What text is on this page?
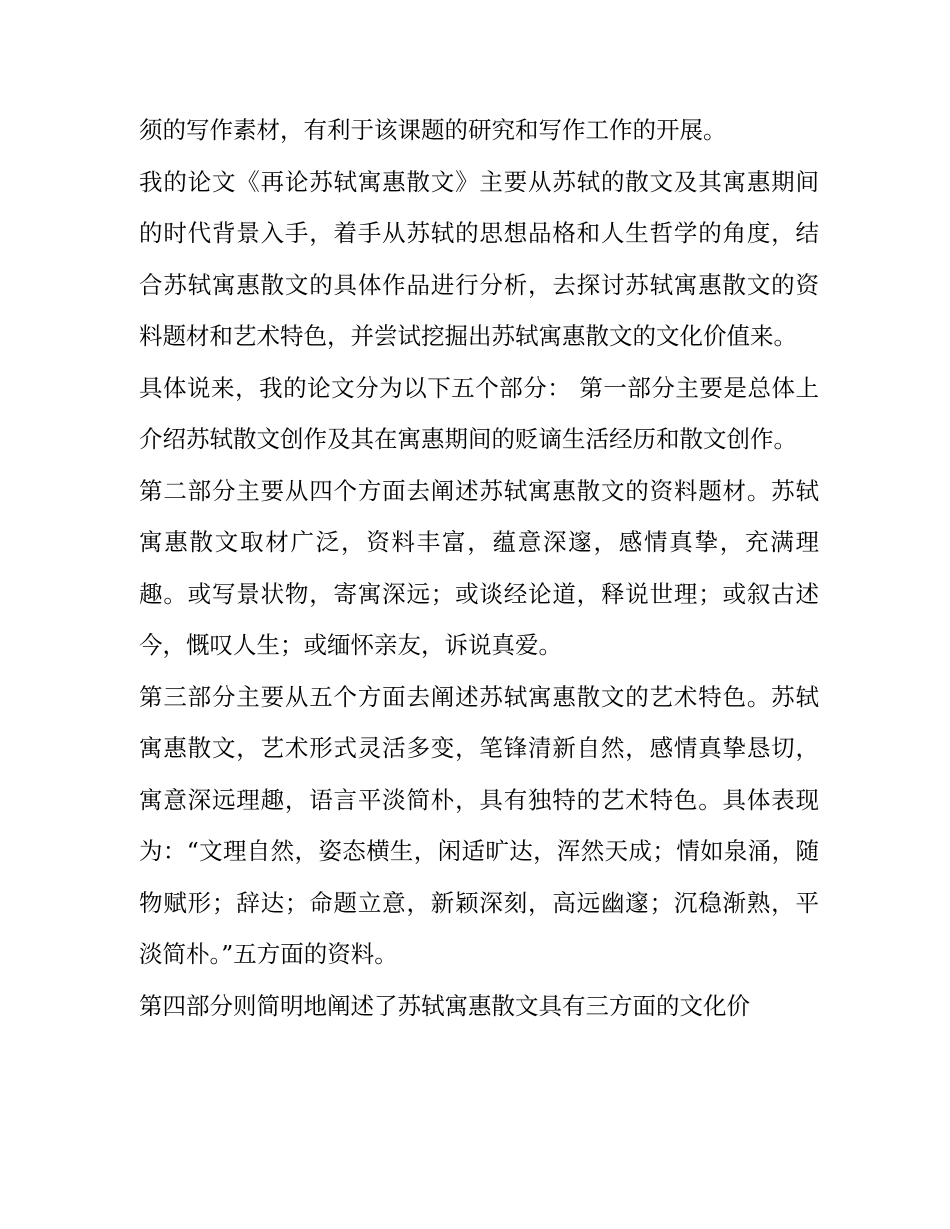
须的写作素材，有利于该课题的研究和写作工作的开展。

我的论文《再论苏轼寓惠散文》主要从苏轼的散文及其寓惠期间的时代背景入手，着手从苏轼的思想品格和人生哲学的角度，结合苏轼寓惠散文的具体作品进行分析，去探讨苏轼寓惠散文的资料题材和艺术特色，并尝试挖掘出苏轼寓惠散文的文化价值来。

具体说来，我的论文分为以下五个部分： 第一部分主要是总体上介绍苏轼散文创作及其在寓惠期间的贬谪生活经历和散文创作。

第二部分主要从四个方面去阐述苏轼寓惠散文的资料题材。苏轼寓惠散文取材广泛，资料丰富，蕴意深邃，感情真挚，充满理趣。或写景状物，寄寓深远；或谈经论道，释说世理；或叙古述今，慨叹人生；或缅怀亲友，诉说真爱。

第三部分主要从五个方面去阐述苏轼寓惠散文的艺术特色。苏轼寓惠散文，艺术形式灵活多变，笔锋清新自然，感情真挚恳切，寓意深远理趣，语言平淡简朴，具有独特的艺术特色。具体表现为：“文理自然，姿态横生，闲适旷达，浑然天成；情如泉涌，随物赋形；辞达；命题立意，新颖深刻，高远幽邃；沉稳渐熟，平淡简朴。”五方面的资料。

第四部分则简明地阐述了苏轼寓惠散文具有三方面的文化价
